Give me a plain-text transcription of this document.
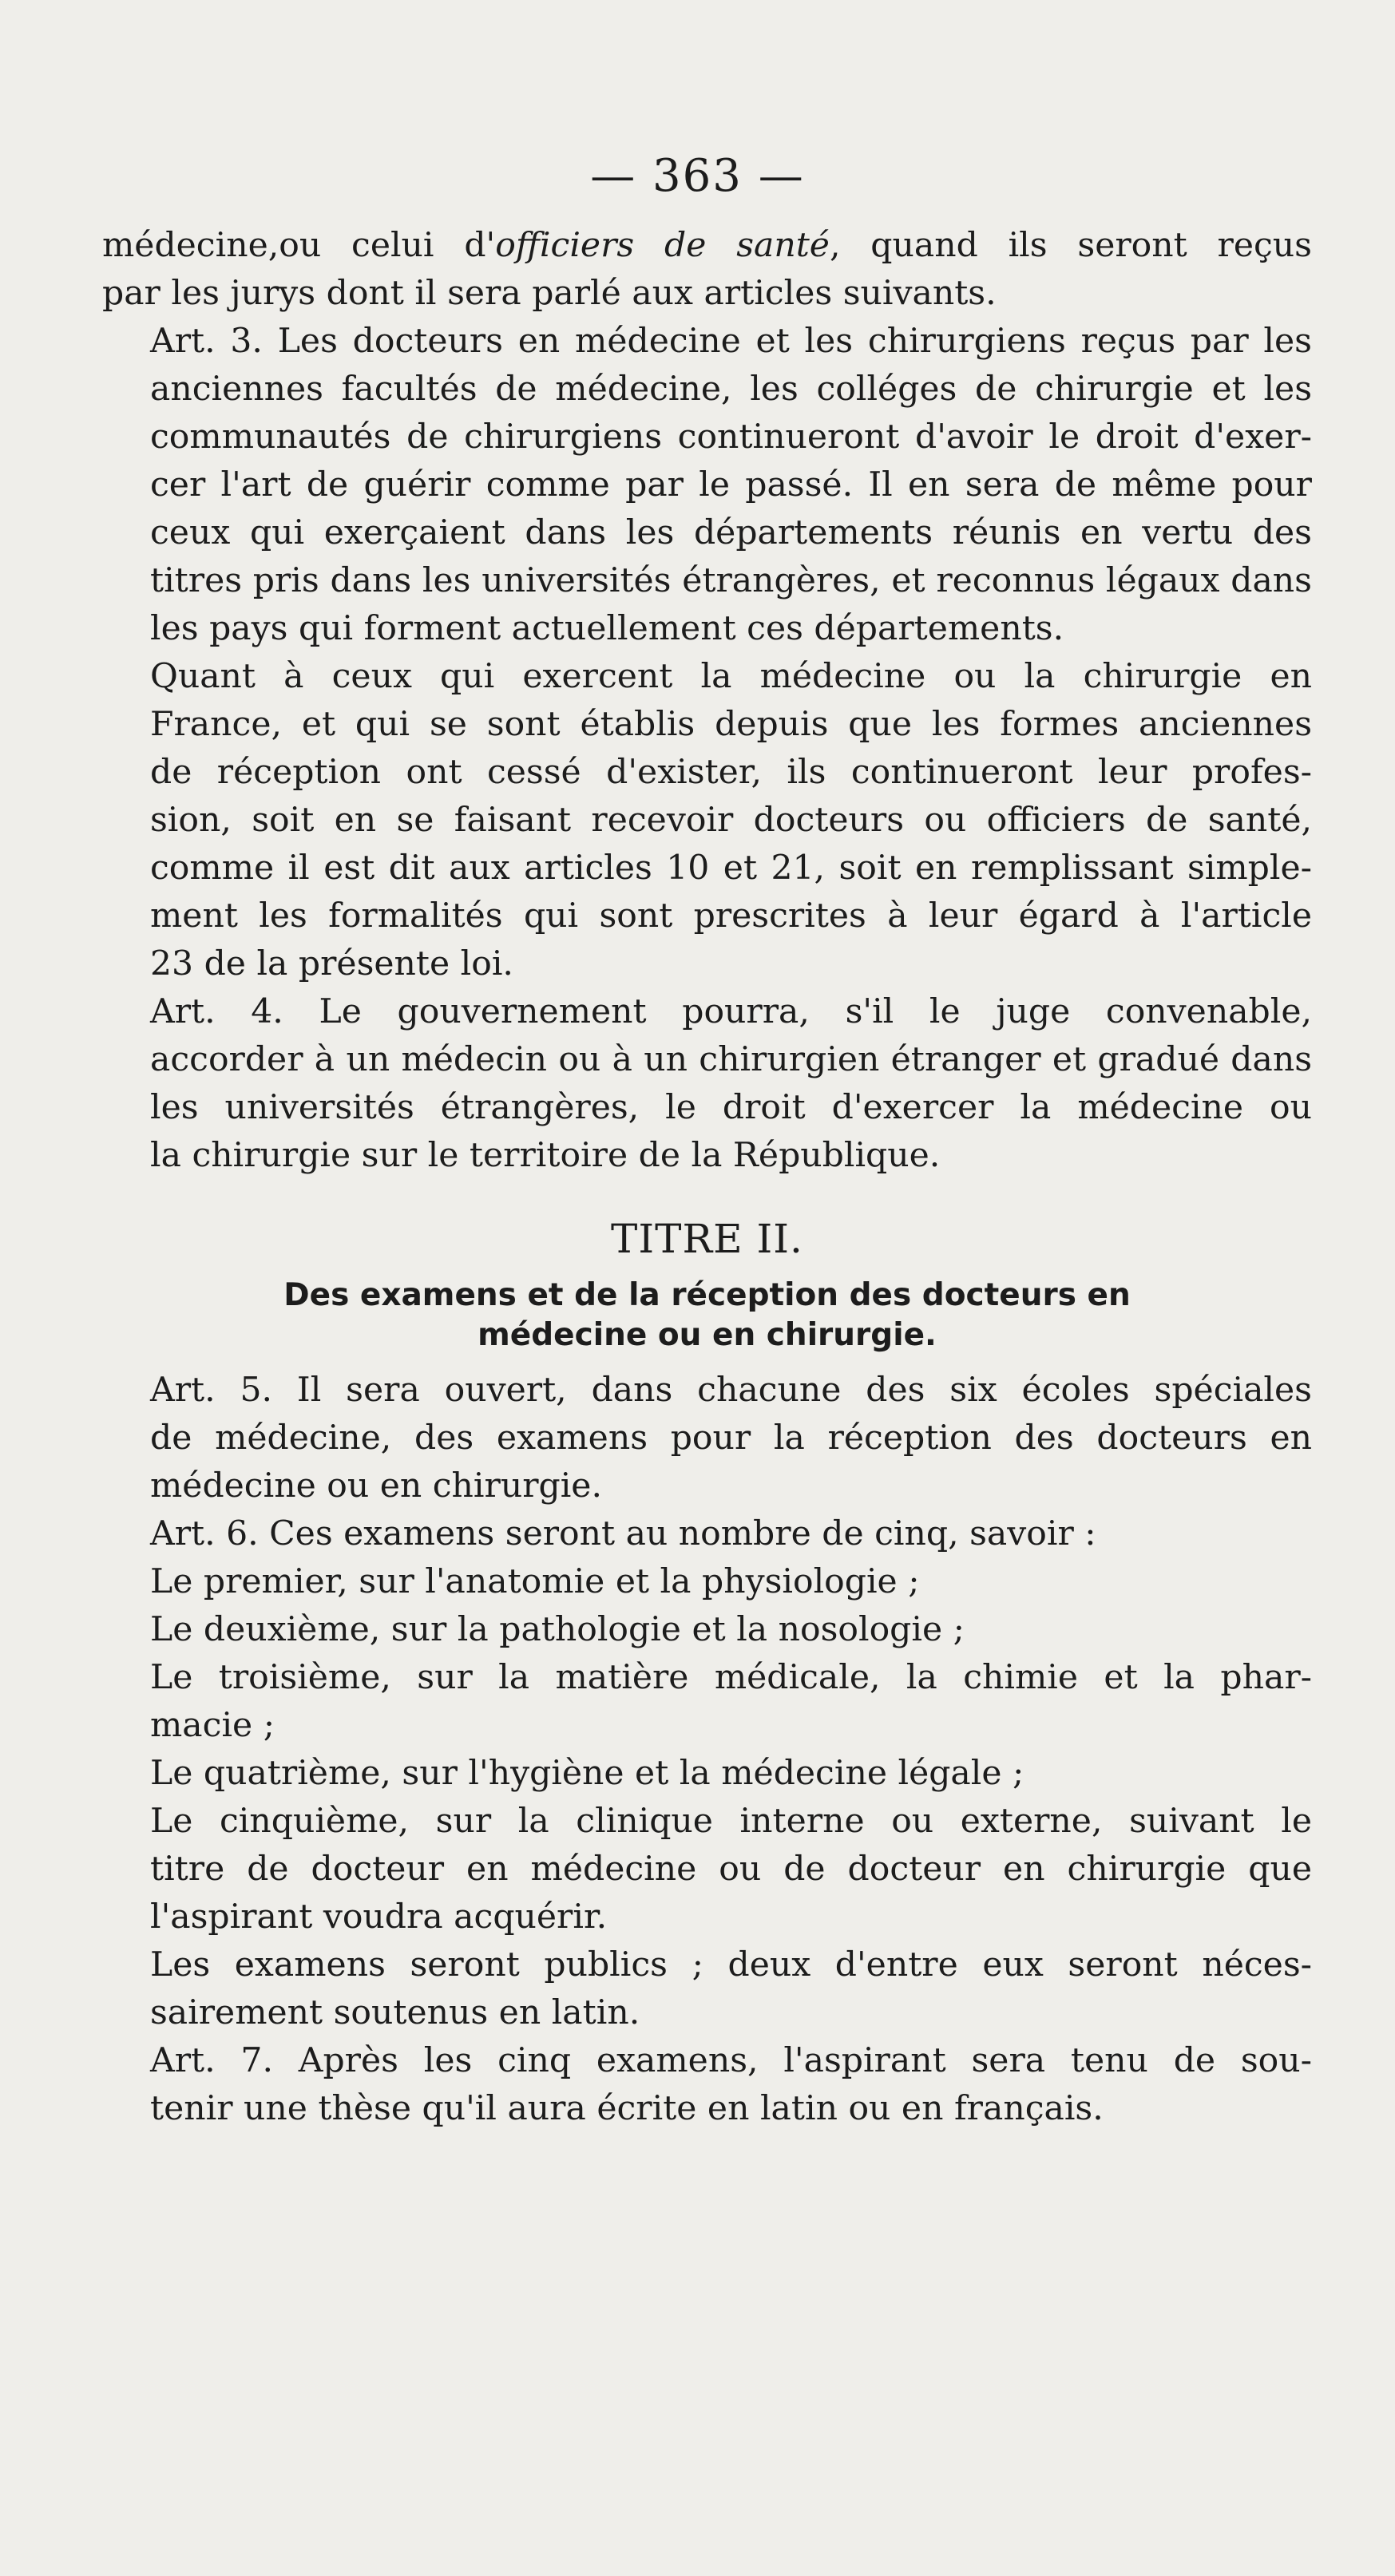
— 363 —

médecine,ou celui d'officiers de santé, quand ils seront reçus
par les jurys dont il sera parlé aux articles suivants.

Art. 3. Les docteurs en médecine et les chirurgiens reçus par les
anciennes facultés de médecine, les colléges de chirurgie et les
communautés de chirurgiens continueront d'avoir le droit d'exer-
cer l'art de guérir comme par le passé. Il en sera de même pour
ceux qui exerçaient dans les départements réunis en vertu des
titres pris dans les universités étrangères, et reconnus légaux dans
les pays qui forment actuellement ces départements.

Quant à ceux qui exercent la médecine ou la chirurgie en
France, et qui se sont établis depuis que les formes anciennes
de réception ont cessé d'exister, ils continueront leur profes-
sion, soit en se faisant recevoir docteurs ou officiers de santé,
comme il est dit aux articles 10 et 21, soit en remplissant simple-
ment les formalités qui sont prescrites à leur égard à l'article
23 de la présente loi.

Art. 4. Le gouvernement pourra, s'il le juge convenable,
accorder à un médecin ou à un chirurgien étranger et gradué dans
les universités étrangères, le droit d'exercer la médecine ou
la chirurgie sur le territoire de la République.

TITRE II.

Des examens et de la réception des docteurs en
médecine ou en chirurgie.

Art. 5. Il sera ouvert, dans chacune des six écoles spéciales
de médecine, des examens pour la réception des docteurs en
médecine ou en chirurgie.

Art. 6. Ces examens seront au nombre de cinq, savoir :

Le premier, sur l'anatomie et la physiologie ;

Le deuxième, sur la pathologie et la nosologie ;

Le troisième, sur la matière médicale, la chimie et la phar-
macie ;

Le quatrième, sur l'hygiène et la médecine légale ;

Le cinquième, sur la clinique interne ou externe, suivant le
titre de docteur en médecine ou de docteur en chirurgie que
l'aspirant voudra acquérir.

Les examens seront publics ; deux d'entre eux seront néces-
sairement soutenus en latin.

Art. 7. Après les cinq examens, l'aspirant sera tenu de sou-
tenir une thèse qu'il aura écrite en latin ou en français.
